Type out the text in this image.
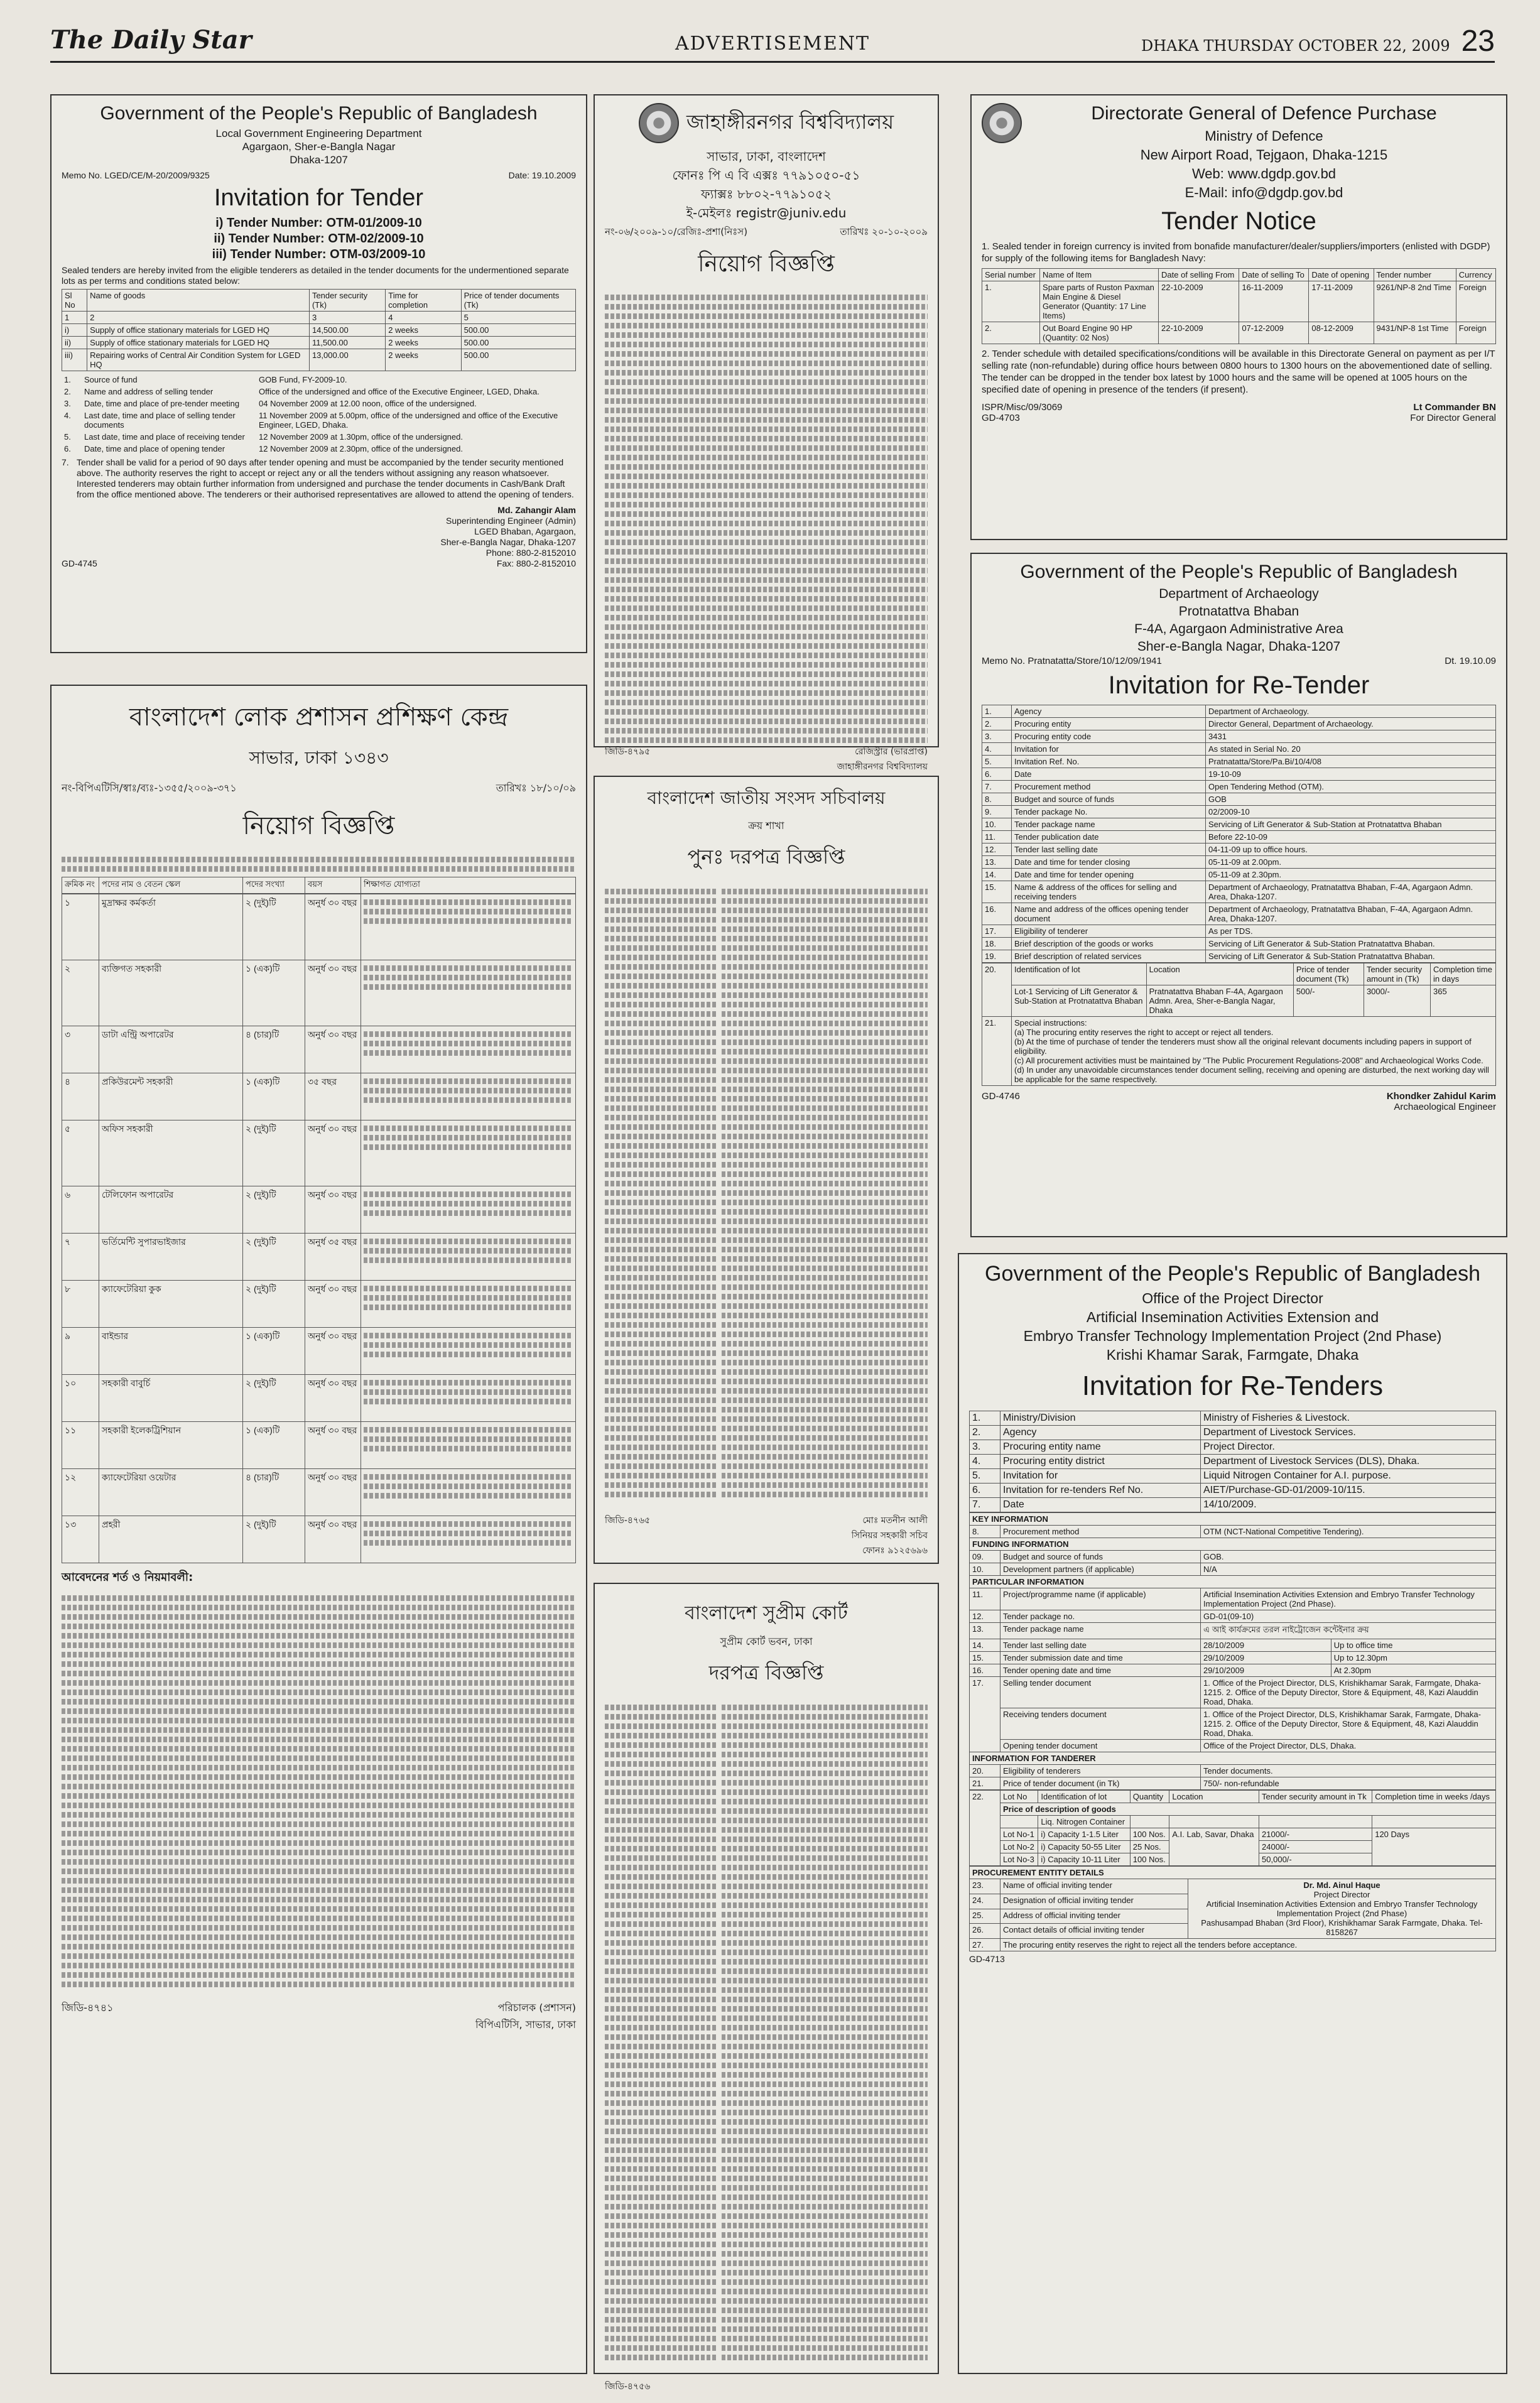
The Daily Star	ADVERTISEMENT	DHAKA THURSDAY OCTOBER 22, 2009 23
Government of the People's Republic of Bangladesh
Local Government Engineering Department
Agargaon, Sher-e-Bangla Nagar
Dhaka-1207
Memo No. LGED/CE/M-20/2009/9325	Date: 19.10.2009
Invitation for Tender
i) Tender Number: OTM-01/2009-10
ii) Tender Number: OTM-02/2009-10
iii) Tender Number: OTM-03/2009-10
Sealed tenders are hereby invited from the eligible tenderers as detailed in the tender documents for the undermentioned separate lots as per terms and conditions stated below:
Sl No	Name of goods	Tender security (Tk)	Time for completion	Price of tender documents (Tk)
1	2	3	4	5
i)	Supply of office stationary materials for LGED HQ	14,500.00	2 weeks	500.00
ii)	Supply of office stationary materials for LGED HQ	11,500.00	2 weeks	500.00
iii)	Repairing works of Central Air Condition System for LGED HQ	13,000.00	2 weeks	500.00
1.	Source of fund	GOB Fund, FY-2009-10.
2.	Name and address of selling tender	Office of the undersigned and office of the Executive Engineer, LGED, Dhaka.
3.	Date, time and place of pre-tender meeting	04 November 2009 at 12.00 noon, office of the undersigned.
4.	Last date, time and place of selling tender documents	11 November 2009 at 5.00pm, office of the undersigned and office of the Executive Engineer, LGED, Dhaka.
5.	Last date, time and place of receiving tender	12 November 2009 at 1.30pm, office of the undersigned.
6.	Date, time and place of opening tender	12 November 2009 at 2.30pm, office of the undersigned.
7. Tender shall be valid for a period of 90 days after tender opening and must be accompanied by the tender security mentioned above. The authority reserves the right to accept or reject any or all the tenders without assigning any reason whatsoever. Interested tenderers may obtain further information from undersigned and purchase the tender documents in Cash/Bank Draft from the office mentioned above. The tenderers or their authorised representatives are allowed to attend the opening of tenders.
Md. Zahangir Alam
Superintending Engineer (Admin)
LGED Bhaban, Agargaon,
Sher-e-Bangla Nagar, Dhaka-1207
Phone: 880-2-8152010
GD-4745	Fax: 880-2-8152010
জাহাঙ্গীরনগর বিশ্ববিদ্যালয়
সাভার, ঢাকা, বাংলাদেশ
ফোনঃ পি এ বি এক্সঃ ৭৭৯১০৫০-৫১
ফ্যাক্সঃ ৮৮০২-৭৭৯১০৫২
ই-মেইলঃ registr@juniv.edu
নং-০৬/২০০৯-১০/রেজিঃ-প্রশা(নিঃস)	তারিখঃ ২০-১০-২০০৯
নিয়োগ বিজ্ঞপ্তি
জিডি-৪৭৯৫	রেজিস্ট্রার (ভারপ্রাপ্ত)
জাহাঙ্গীরনগর বিশ্ববিদ্যালয়
Directorate General of Defence Purchase
Ministry of Defence
New Airport Road, Tejgaon, Dhaka-1215
Web: www.dgdp.gov.bd
E-Mail: info@dgdp.gov.bd
Tender Notice
1. Sealed tender in foreign currency is invited from bonafide manufacturer/dealer/suppliers/importers (enlisted with DGDP) for supply of the following items for Bangladesh Navy:
Serial number	Name of Item	Date of selling From	Date of selling To	Date of opening	Tender number	Currency
1.	Spare parts of Ruston Paxman Main Engine & Diesel Generator (Quantity: 17 Line Items)	22-10-2009	16-11-2009	17-11-2009	9261/NP-8 2nd Time	Foreign
2.	Out Board Engine 90 HP (Quantity: 02 Nos)	22-10-2009	07-12-2009	08-12-2009	9431/NP-8 1st Time	Foreign
2. Tender schedule with detailed specifications/conditions will be available in this Directorate General on payment as per I/T selling rate (non-refundable) during office hours between 0800 hours to 1300 hours on the abovementioned date of selling. The tender can be dropped in the tender box latest by 1000 hours and the same will be opened at 1005 hours on the specified date of opening in presence of the tenders (if present).
ISPR/Misc/09/3069
GD-4703
Lt Commander BN
For Director General
বাংলাদেশ লোক প্রশাসন প্রশিক্ষণ কেন্দ্র
সাভার, ঢাকা ১৩৪৩
নং-বিপিএটিসি/স্বাঃ/ব্যঃ-১৩৫৫/২০০৯-৩৭১	তারিখঃ ১৮/১০/০৯
নিয়োগ বিজ্ঞপ্তি
ক্রমিক নং	পদের নাম ও বেতন স্কেল	পদের সংখ্যা	বয়স	শিক্ষাগত যোগ্যতা
১	মুদ্রাক্ষর কর্মকর্তা	২ (দুই)টি	অনুর্ধ ৩০ বছর	

২	ব্যক্তিগত সহকারী	১ (এক)টি	অনুর্ধ ৩০ বছর	

৩	ডাটা এন্ট্রি অপারেটর	৪ (চার)টি	অনুর্ধ ৩০ বছর	

৪	প্রকিউরমেন্ট সহকারী	১ (এক)টি	৩৫ বছর	

৫	অফিস সহকারী	২ (দুই)টি	অনুর্ধ ৩০ বছর	

৬	টেলিফোন অপারেটর	২ (দুই)টি	অনুর্ধ ৩০ বছর	

৭	ভর্তিমেন্টি সুপারভাইজার	২ (দুই)টি	অনুর্ধ ৩৫ বছর	

৮	ক্যাফেটেরিয়া কুক	২ (দুই)টি	অনুর্ধ ৩০ বছর	

৯	বাইন্ডার	১ (এক)টি	অনুর্ধ ৩০ বছর	

১০	সহকারী বাবুর্চি	২ (দুই)টি	অনুর্ধ ৩০ বছর	

১১	সহকারী ইলেকট্রিশিয়ান	১ (এক)টি	অনুর্ধ ৩০ বছর	

১২	ক্যাফেটেরিয়া ওয়েটার	৪ (চার)টি	অনুর্ধ ৩০ বছর	

১৩	প্রহরী	২ (দুই)টি	অনুর্ধ ৩০ বছর	
আবেদনের শর্ত ও নিয়মাবলী:
জিডি-৪৭৪১	পরিচালক (প্রশাসন)
বিপিএটিসি, সাভার, ঢাকা
বাংলাদেশ জাতীয় সংসদ সচিবালয়
ক্রয় শাখা
পুনঃ দরপত্র বিজ্ঞপ্তি
জিডি-৪৭৬৫	মোঃ মতনীন আলী
সিনিয়র সহকারী সচিব
ফোনঃ ৯১২৫৬৯৬
বাংলাদেশ সুপ্রীম কোর্ট
সুপ্রীম কোর্ট ভবন, ঢাকা
দরপত্র বিজ্ঞপ্তি
জিডি-৪৭৫৬
Government of the People's Republic of Bangladesh
Department of Archaeology
Protnatattva Bhaban
F-4A, Agargaon Administrative Area
Sher-e-Bangla Nagar, Dhaka-1207
Memo No. Pratnatatta/Store/10/12/09/1941	Dt. 19.10.09
Invitation for Re-Tender
1.	Agency	Department of Archaeology.
2.	Procuring entity	Director General, Department of Archaeology.
3.	Procuring entity code	3431
4.	Invitation for	As stated in Serial No. 20
5.	Invitation Ref. No.	Pratnatatta/Store/Pa.Bi/10/4/08
6.	Date	19-10-09
7.	Procurement method	Open Tendering Method (OTM).
8.	Budget and source of funds	GOB
9.	Tender package No.	02/2009-10
10.	Tender package name	Servicing of Lift Generator & Sub-Station at Protnatattva Bhaban
11.	Tender publication date	Before 22-10-09
12.	Tender last selling date	04-11-09 up to office hours.
13.	Date and time for tender closing	05-11-09 at 2.00pm.
14.	Date and time for tender opening	05-11-09 at 2.30pm.
15.	Name & address of the offices for selling and receiving tenders	Department of Archaeology, Pratnatattva Bhaban, F-4A, Agargaon Admn. Area, Dhaka-1207.
16.	Name and address of the offices opening tender document	Department of Archaeology, Pratnatattva Bhaban, F-4A, Agargaon Admn. Area, Dhaka-1207.
17.	Eligibility of tenderer	As per TDS.
18.	Brief description of the goods or works	Servicing of Lift Generator & Sub-Station Pratnatattva Bhaban.
19.	Brief description of related services	Servicing of Lift Generator & Sub-Station Pratnatattva Bhaban.
20.	Identification of lot	Location	Price of tender document (Tk)	Tender security amount in (Tk)	Completion time in days
	Lot-1 Servicing of Lift Generator & Sub-Station at Protnatattva Bhaban	Pratnatattva Bhaban F-4A, Agargaon Admn. Area, Sher-e-Bangla Nagar, Dhaka	500/-	3000/-	365
21.	Special instructions:
(a) The procuring entity reserves the right to accept or reject all tenders.
(b) At the time of purchase of tender the tenderers must show all the original relevant documents including papers in support of eligibility.
(c) All procurement activities must be maintained by "The Public Procurement Regulations-2008" and Archaeological Works Code.
(d) In under any unavoidable circumstances tender document selling, receiving and opening are disturbed, the next working day will be applicable for the same respectively.				
GD-4746	Khondker Zahidul Karim
Archaeological Engineer
Government of the People's Republic of Bangladesh
Office of the Project Director
Artificial Insemination Activities Extension and
Embryo Transfer Technology Implementation Project (2nd Phase)
Krishi Khamar Sarak, Farmgate, Dhaka
Invitation for Re-Tenders
1.	Ministry/Division	Ministry of Fisheries & Livestock.
2.	Agency	Department of Livestock Services.
3.	Procuring entity name	Project Director.
4.	Procuring entity district	Department of Livestock Services (DLS), Dhaka.
5.	Invitation for	Liquid Nitrogen Container for A.I. purpose.
6.	Invitation for re-tenders Ref No.	AIET/Purchase-GD-01/2009-10/115.
7.	Date	14/10/2009.
KEY INFORMATION			
8.	Procurement method	OTM (NCT-National Competitive Tendering).	
FUNDING INFORMATION			
09.	Budget and source of funds	GOB.	
10.	Development partners (if applicable)	N/A	
PARTICULAR INFORMATION			
11.	Project/programme name (if applicable)	Artificial Insemination Activities Extension and Embryo Transfer Technology Implementation Project (2nd Phase).	
12.	Tender package no.	GD-01(09-10)	
13.	Tender package name	এ আই কার্যক্রমের তরল নাইট্রোজেন কন্টেইনার ক্রয়	
14.	Tender last selling date	28/10/2009	Up to office time
15.	Tender submission date and time	29/10/2009	Up to 12.30pm
16.	Tender opening date and time	29/10/2009	At 2.30pm
17.	Selling tender document	1. Office of the Project Director, DLS, Krishikhamar Sarak, Farmgate, Dhaka-1215. 2. Office of the Deputy Director, Store & Equipment, 48, Kazi Alauddin Road, Dhaka.	
	Receiving tenders document	1. Office of the Project Director, DLS, Krishikhamar Sarak, Farmgate, Dhaka-1215. 2. Office of the Deputy Director, Store & Equipment, 48, Kazi Alauddin Road, Dhaka.	
	Opening tender document	Office of the Project Director, DLS, Dhaka.	
INFORMATION FOR TANDERER			
20.	Eligibility of tenderers	Tender documents.	
21.	Price of tender document (in Tk)	750/- non-refundable	
22.	Lot No	Identification of lot	Quantity	Location	Tender security amount in Tk	Completion time in weeks /days
	Price of description of goods					
		Liq. Nitrogen Container				
	Lot No-1	i) Capacity 1-1.5 Liter	100 Nos.	A.I. Lab, Savar, Dhaka	21000/-	120 Days
	Lot No-2	i) Capacity 50-55 Liter	25 Nos.		24000/-	
	Lot No-3	i) Capacity 10-11 Liter	100 Nos.		50,000/-	
PROCUREMENT ENTITY DETAILS		
23.	Name of official inviting tender	Dr. Md. Ainul Haque
Project Director
Artificial Insemination Activities Extension and Embryo Transfer Technology Implementation Project (2nd Phase)
Pashusampad Bhaban (3rd Floor), Krishikhamar Sarak Farmgate, Dhaka. Tel-8158267

24.	Designation of official inviting tender	
25.	Address of official inviting tender	
26.	Contact details of official inviting tender	
27.	The procuring entity reserves the right to reject all the tenders before acceptance.	
GD-4713
